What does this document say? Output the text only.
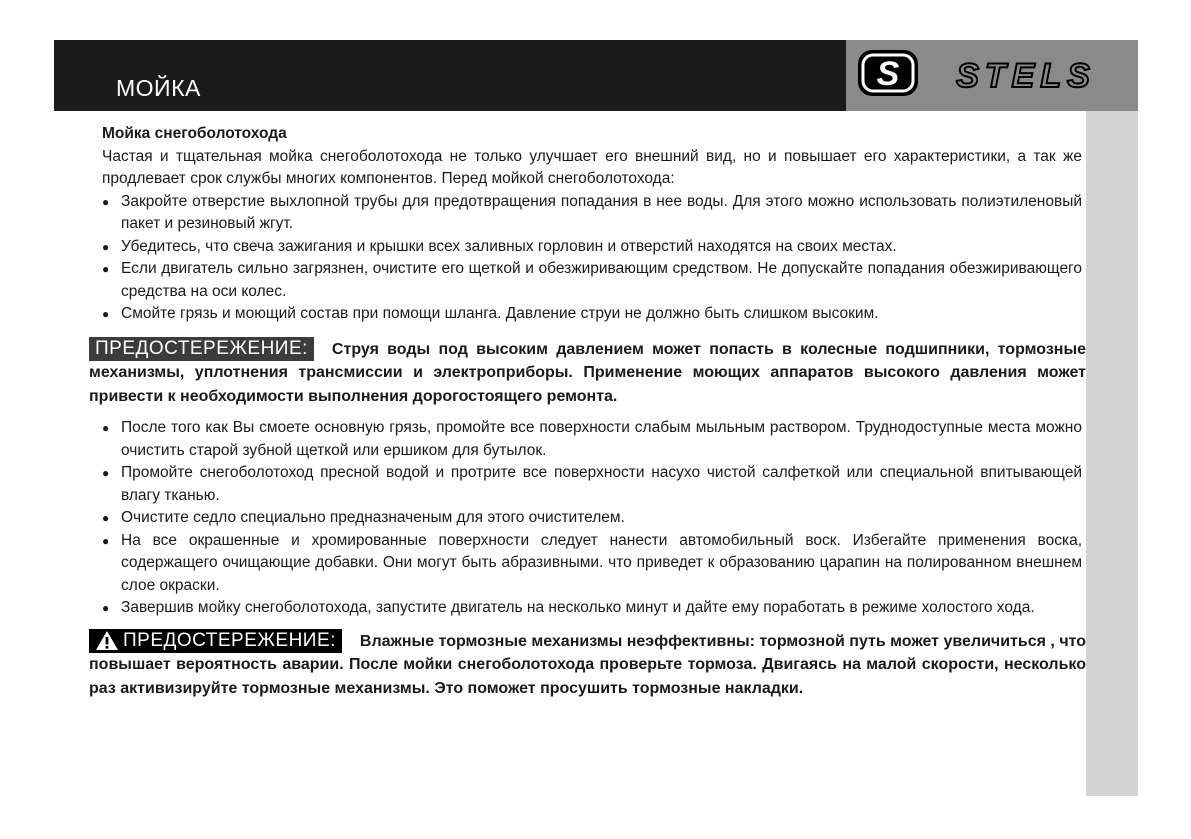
МОЙКА	S STELS

Мойка снегоболотохода

Частая и тщательная мойка снегоболотохода не только улучшает его внешний вид, но и повышает его характеристики, а так же продлевает срок службы многих компонентов. Перед мойкой снегоболотохода:

● Закройте отверстие выхлопной трубы для предотвращения попадания в нее воды. Для этого можно использовать полиэтиленовый пакет и резиновый жгут.
● Убедитесь, что свеча зажигания и крышки всех заливных горловин и отверстий находятся на своих местах.
● Если двигатель сильно загрязнен, очистите его щеткой и обезжиривающим средством. Не допускайте попадания обезжиривающего средства на оси колес.
● Смойте грязь и моющий состав при помощи шланга. Давление струи не должно быть слишком высоким.

ПРЕДОСТЕРЕЖЕНИЕ: Струя воды под высоким давлением может попасть в колесные подшипники, тормозные механизмы, уплотнения трансмиссии и электроприборы. Применение моющих аппаратов высокого давления может привести к необходимости выполнения дорогостоящего ремонта.

● После того как Вы смоете основную грязь, промойте все поверхности слабым мыльным раствором. Труднодоступные места можно очистить старой зубной щеткой или ершиком для бутылок.
● Промойте снегоболотоход пресной водой и протрите все поверхности насухо чистой салфеткой или специальной впитывающей влагу тканью.
● Очистите седло специально предназначеным для этого очистителем.
● На все окрашенные и хромированные поверхности следует нанести автомобильный воск. Избегайте применения воска, содержащего очищающие добавки. Они могут быть абразивными. что приведет к образованию царапин на полированном внешнем слое окраски.
● Завершив мойку снегоболотохода, запустите двигатель на несколько минут и дайте ему поработать в режиме холостого хода.

ПРЕДОСТЕРЕЖЕНИЕ: Влажные тормозные механизмы неэффективны: тормозной путь может увеличиться , что повышает вероятность аварии. После мойки снегоболотохода проверьте тормоза. Двигаясь на малой скорости, несколько раз активизируйте тормозные механизмы. Это поможет просушить тормозные накладки.
